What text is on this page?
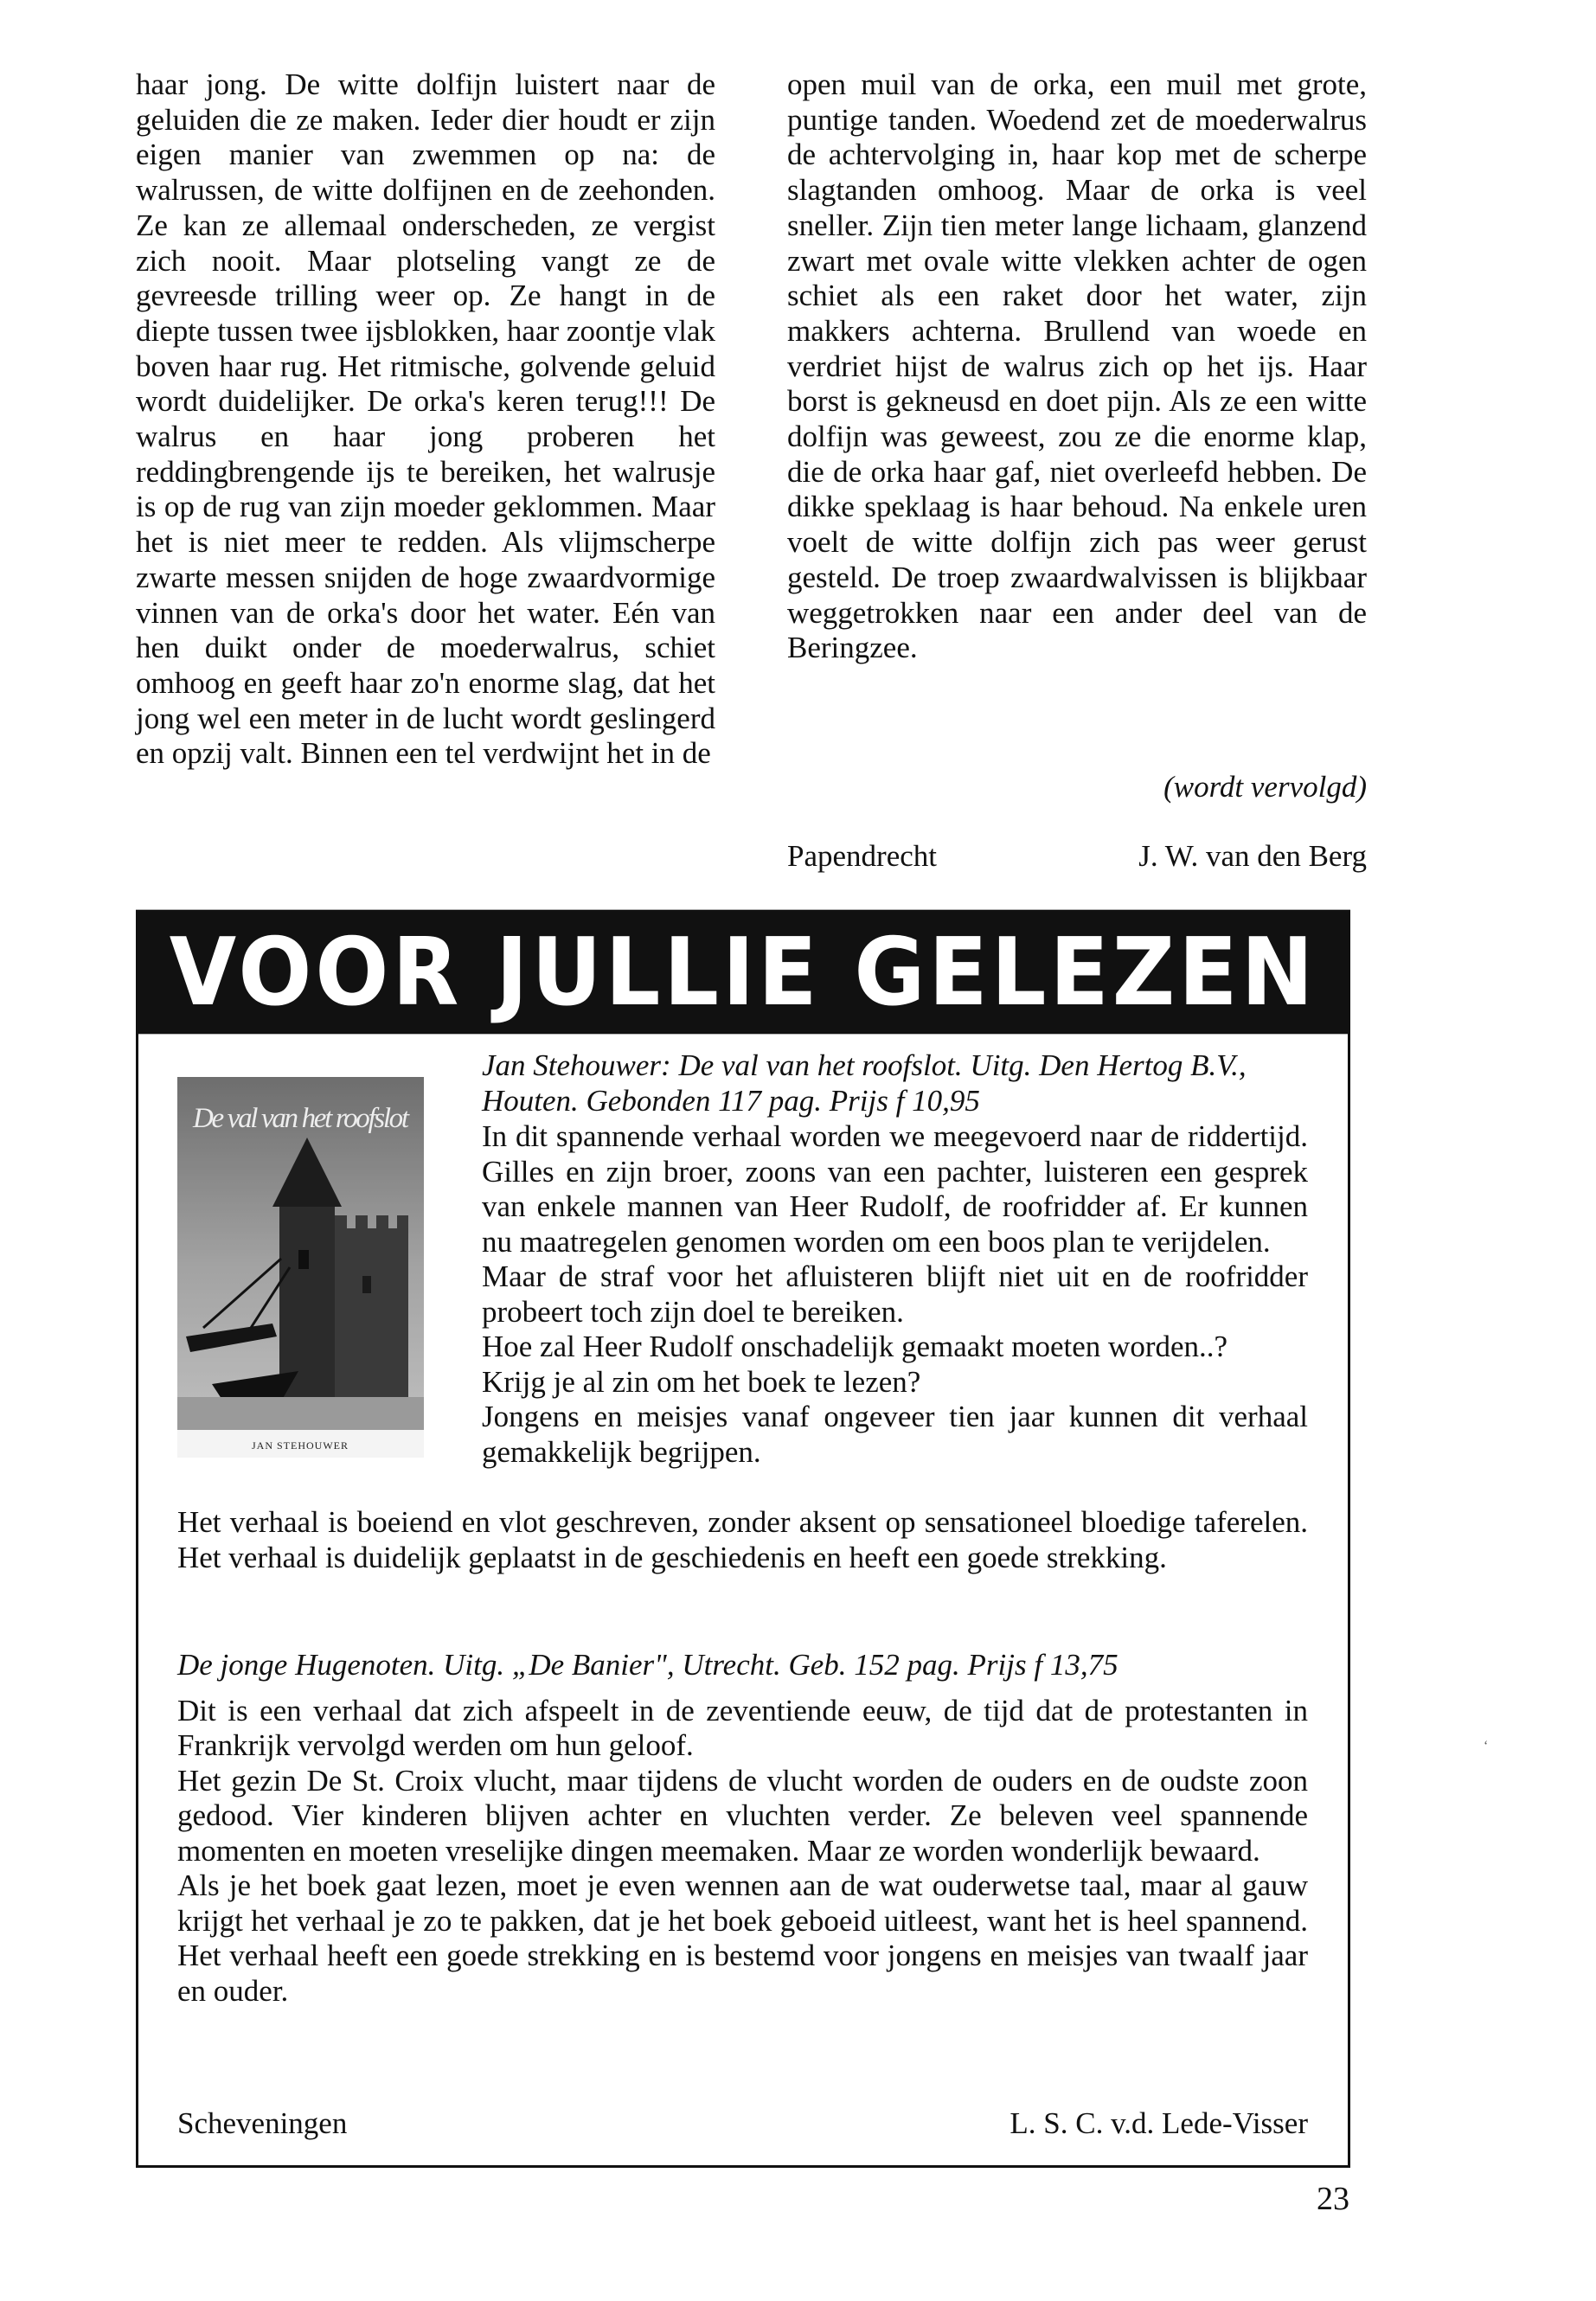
haar jong. De witte dolfijn luistert naar de geluiden die ze maken. Ieder dier houdt er zijn eigen manier van zwemmen op na: de walrussen, de witte dolfijnen en de zeehonden. Ze kan ze allemaal onderscheden, ze vergist zich nooit. Maar plotseling vangt ze de gevreesde trilling weer op. Ze hangt in de diepte tussen twee ijsblokken, haar zoontje vlak boven haar rug. Het ritmische, golvende geluid wordt duidelijker. De orka's keren terug!!! De walrus en haar jong proberen het reddingbrengende ijs te bereiken, het walrusje is op de rug van zijn moeder geklommen. Maar het is niet meer te redden. Als vlijmscherpe zwarte messen snijden de hoge zwaardvormige vinnen van de orka's door het water. Eén van hen duikt onder de moederwalrus, schiet omhoog en geeft haar zo'n enorme slag, dat het jong wel een meter in de lucht wordt geslingerd en opzij valt. Binnen een tel verdwijnt het in de

open muil van de orka, een muil met grote, puntige tanden. Woedend zet de moederwalrus de achtervolging in, haar kop met de scherpe slagtanden omhoog. Maar de orka is veel sneller. Zijn tien meter lange lichaam, glanzend zwart met ovale witte vlekken achter de ogen schiet als een raket door het water, zijn makkers achterna. Brullend van woede en verdriet hijst de walrus zich op het ijs. Haar borst is gekneusd en doet pijn. Als ze een witte dolfijn was geweest, zou ze die enorme klap, die de orka haar gaf, niet overleefd hebben. De dikke speklaag is haar behoud. Na enkele uren voelt de witte dolfijn zich pas weer gerust gesteld. De troep zwaardwalvissen is blijkbaar weggetrokken naar een ander deel van de Beringzee.

(wordt vervolgd)
Papendrecht	J. W. van den Berg
VOOR JULLIE GELEZEN
De val van het roofslot
JAN STEHOUWER
Jan Stehouwer: De val van het roofslot. Uitg. Den Hertog B.V., Houten. Gebonden 117 pag. Prijs f 10,95

In dit spannende verhaal worden we meegevoerd naar de riddertijd. Gilles en zijn broer, zoons van een pachter, luisteren een gesprek van enkele mannen van Heer Rudolf, de roofridder af. Er kunnen nu maatregelen genomen worden om een boos plan te verijdelen.

Maar de straf voor het afluisteren blijft niet uit en de roofridder probeert toch zijn doel te bereiken.

Hoe zal Heer Rudolf onschadelijk gemaakt moeten worden..?

Krijg je al zin om het boek te lezen?

Jongens en meisjes vanaf ongeveer tien jaar kunnen dit verhaal gemakkelijk begrijpen.

Het verhaal is boeiend en vlot geschreven, zonder aksent op sensationeel bloedige taferelen. Het verhaal is duidelijk geplaatst in de geschiedenis en heeft een goede strekking.

De jonge Hugenoten. Uitg. „De Banier", Utrecht. Geb. 152 pag. Prijs f 13,75

Dit is een verhaal dat zich afspeelt in de zeventiende eeuw, de tijd dat de protestanten in Frankrijk vervolgd werden om hun geloof.

Het gezin De St. Croix vlucht, maar tijdens de vlucht worden de ouders en de oudste zoon gedood. Vier kinderen blijven achter en vluchten verder. Ze beleven veel spannende momenten en moeten vreselijke dingen meemaken. Maar ze worden wonderlijk bewaard.

Als je het boek gaat lezen, moet je even wennen aan de wat ouderwetse taal, maar al gauw krijgt het verhaal je zo te pakken, dat je het boek geboeid uitleest, want het is heel spannend. Het verhaal heeft een goede strekking en is bestemd voor jongens en meisjes van twaalf jaar en ouder.

Scheveningen	L. S. C. v.d. Lede-Visser
‘
23
